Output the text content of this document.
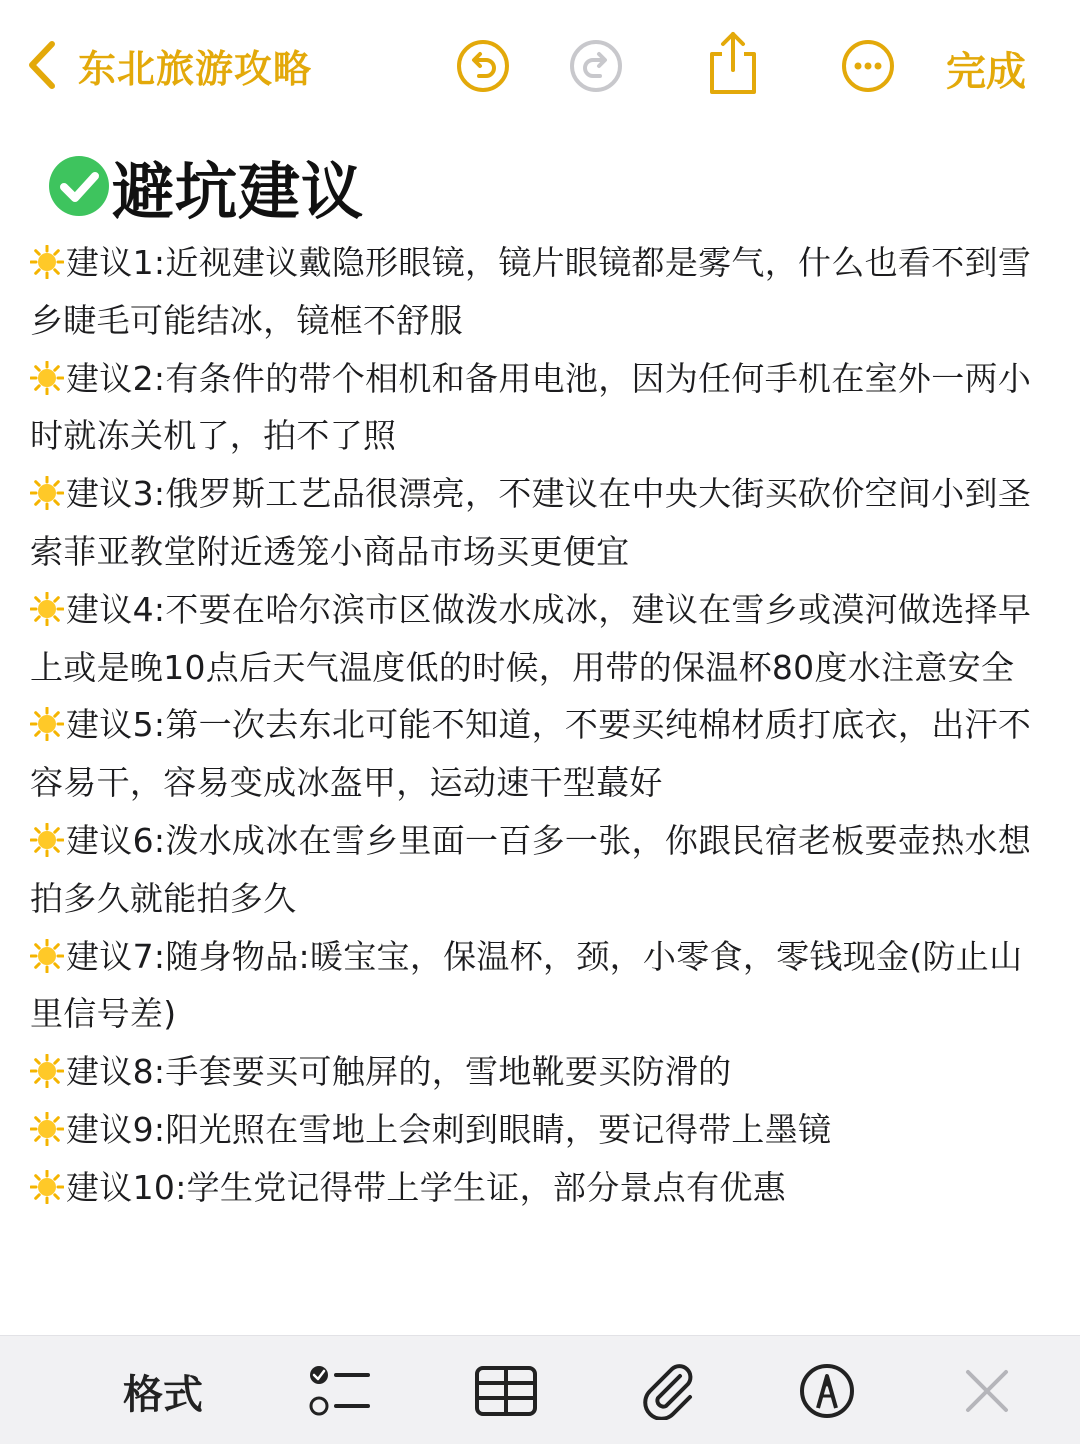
东北旅游攻略	完成
避坑建议
建议1:近视建议戴隐形眼镜，镜片眼镜都是雾气，什么也看不到雪乡睫毛可能结冰，镜框不舒服
建议2:有条件的带个相机和备用电池，因为任何手机在室外一两小时就冻关机了，拍不了照
建议3:俄罗斯工艺品很漂亮，不建议在中央大街买砍价空间小到圣索菲亚教堂附近透笼小商品市场买更便宜
建议4:不要在哈尔滨市区做泼水成冰，建议在雪乡或漠河做选择早上或是晚10点后天气温度低的时候，用带的保温杯80度水注意安全
建议5:第一次去东北可能不知道，不要买纯棉材质打底衣，出汗不容易干，容易变成冰盔甲，运动速干型蕞好
建议6:泼水成冰在雪乡里面一百多一张，你跟民宿老板要壶热水想拍多久就能拍多久
建议7:随身物品:暖宝宝，保温杯，颈，小零食，零钱现金(防止山里信号差)
建议8:手套要买可触屏的，雪地靴要买防滑的
建议9:阳光照在雪地上会刺到眼睛，要记得带上墨镜
建议10:学生党记得带上学生证，部分景点有优惠
格式
